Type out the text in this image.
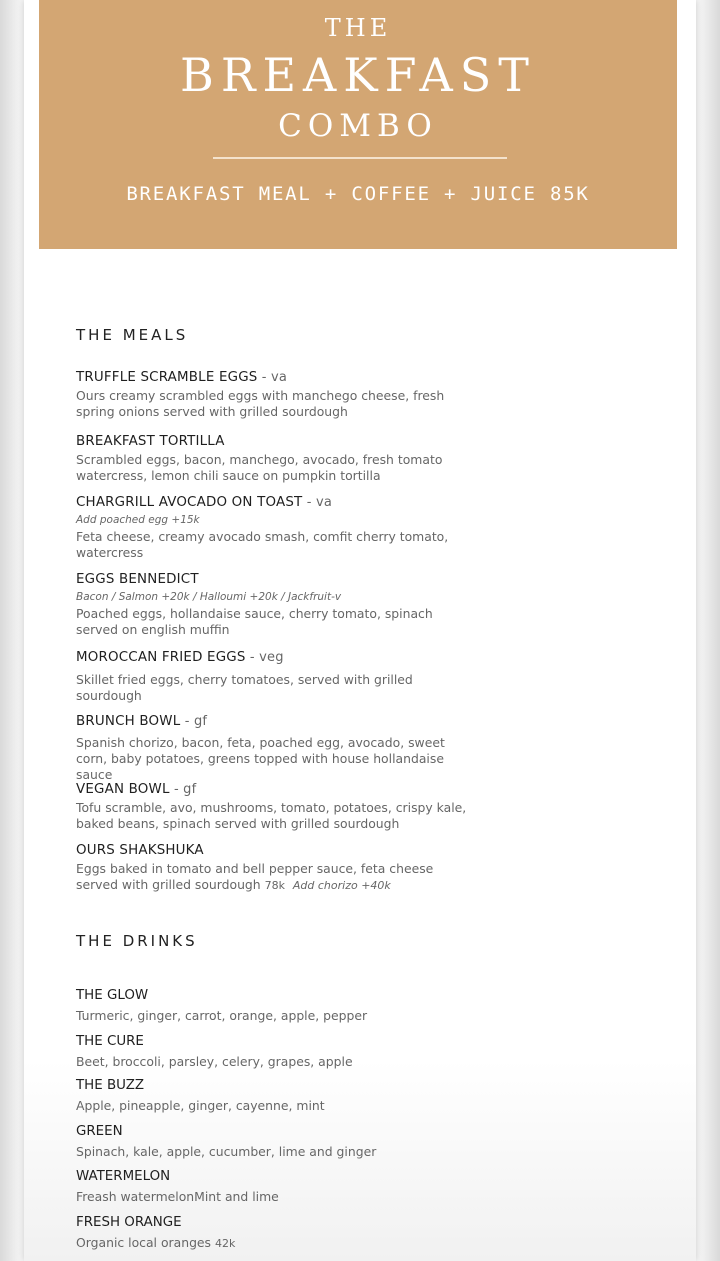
THE
BREAKFAST
COMBO
BREAKFAST MEAL + COFFEE + JUICE 85K
THE MEALS
TRUFFLE SCRAMBLE EGGS - va
Ours creamy scrambled eggs with manchego cheese, fresh spring onions served with grilled sourdough
BREAKFAST TORTILLA
Scrambled eggs, bacon, manchego, avocado, fresh tomato watercress, lemon chili sauce on pumpkin tortilla
CHARGRILL AVOCADO ON TOAST - va
Add poached egg +15k
Feta cheese, creamy avocado smash, comfit cherry tomato, watercress
EGGS BENNEDICT
Bacon / Salmon +20k / Halloumi +20k / Jackfruit-v
Poached eggs, hollandaise sauce, cherry tomato, spinach served on english muffin
MOROCCAN FRIED EGGS - veg
Skillet fried eggs, cherry tomatoes, served with grilled sourdough
BRUNCH BOWL - gf
Spanish chorizo, bacon, feta, poached egg, avocado, sweet corn, baby potatoes, greens topped with house hollandaise sauce
VEGAN BOWL - gf
Tofu scramble, avo, mushrooms, tomato, potatoes, crispy kale, baked beans, spinach served with grilled sourdough
OURS SHAKSHUKA
Eggs baked in tomato and bell pepper sauce, feta cheese served with grilled sourdough 78k Add chorizo +40k
THE DRINKS
THE GLOW
Turmeric, ginger, carrot, orange, apple, pepper
THE CURE
Beet, broccoli, parsley, celery, grapes, apple
THE BUZZ
Apple, pineapple, ginger, cayenne, mint
GREEN
Spinach, kale, apple, cucumber, lime and ginger
WATERMELON
Freash watermelonMint and lime
FRESH ORANGE
Organic local oranges 42k
